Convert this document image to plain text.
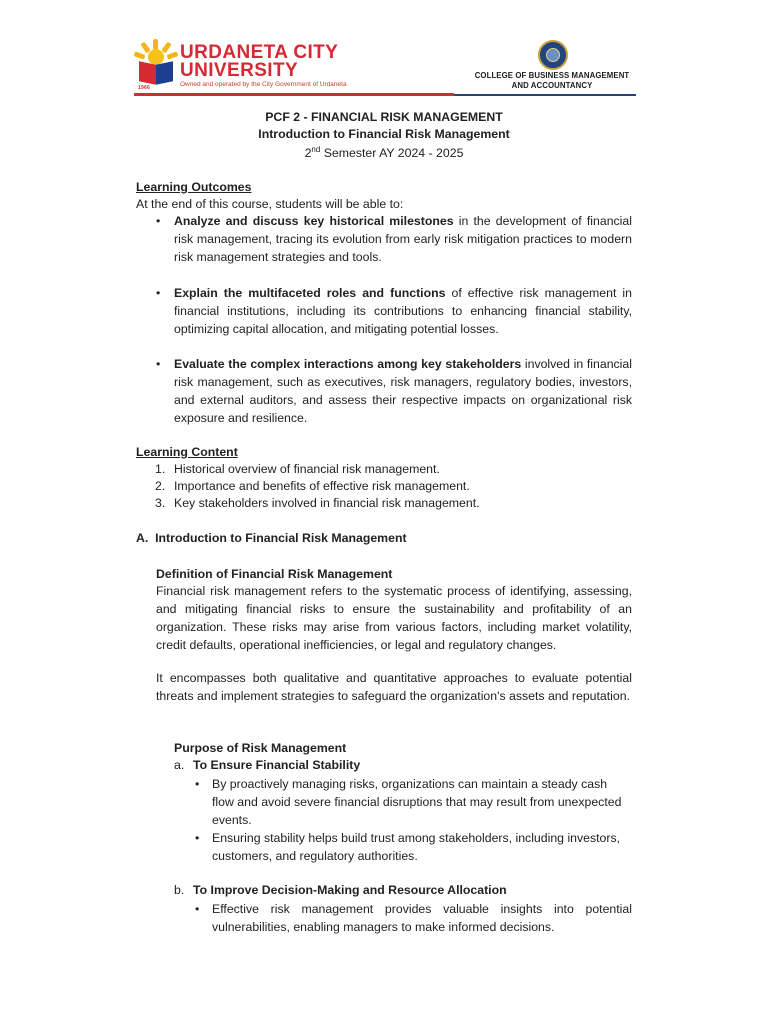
1966
URDANETA CITY
UNIVERSITY
Owned and operated by the City Government of Urdaneta
COLLEGE OF BUSINESS MANAGEMENT
AND ACCOUNTANCY
PCF 2 - FINANCIAL RISK MANAGEMENT
Introduction to Financial Risk Management
2nd Semester AY 2024 - 2025
Learning Outcomes
At the end of this course, students will be able to:
• Analyze and discuss key historical milestones in the development of financial risk management, tracing its evolution from early risk mitigation practices to modern risk management strategies and tools.
• Explain the multifaceted roles and functions of effective risk management in financial institutions, including its contributions to enhancing financial stability, optimizing capital allocation, and mitigating potential losses.
• Evaluate the complex interactions among key stakeholders involved in financial risk management, such as executives, risk managers, regulatory bodies, investors, and external auditors, and assess their respective impacts on organizational risk exposure and resilience.
Learning Content
1. Historical overview of financial risk management.
2. Importance and benefits of effective risk management.
3. Key stakeholders involved in financial risk management.
A.  Introduction to Financial Risk Management
Definition of Financial Risk Management
Financial risk management refers to the systematic process of identifying, assessing, and mitigating financial risks to ensure the sustainability and profitability of an organization. These risks may arise from various factors, including market volatility, credit defaults, operational inefficiencies, or legal and regulatory changes.
It encompasses both qualitative and quantitative approaches to evaluate potential threats and implement strategies to safeguard the organization's assets and reputation.
Purpose of Risk Management
a. To Ensure Financial Stability
• By proactively managing risks, organizations can maintain a steady cash flow and avoid severe financial disruptions that may result from unexpected events.
• Ensuring stability helps build trust among stakeholders, including investors, customers, and regulatory authorities.
b. To Improve Decision-Making and Resource Allocation
• Effective risk management provides valuable insights into potential vulnerabilities, enabling managers to make informed decisions.
